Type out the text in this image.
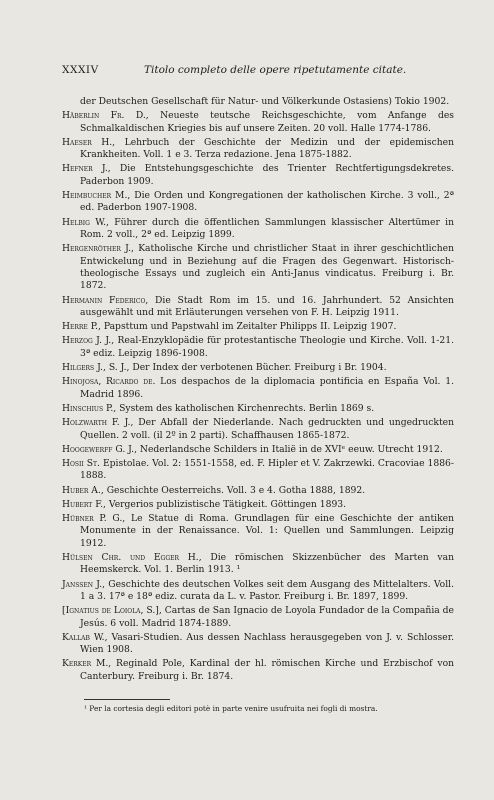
XXXIV	Titolo completo delle opere ripetutamente citate.

der Deutschen Gesellschaft für Natur- und Völkerkunde Ostasiens) Tokio 1902.

Häberlin Fr. D., Neueste teutsche Reichsgeschichte, vom Anfange des Schmalkaldischen Kriegies bis auf unsere Zeiten. 20 voll. Halle 1774-1786.

Haeser H., Lehrbuch der Geschichte der Medizin und der epidemischen Krankheiten. Voll. 1 e 3. Terza redazione. Jena 1875-1882.

Hefner J., Die Entstehungsgeschichte des Trienter Rechtfertigungsdekretes. Paderbon 1909.

Heimbucher M., Die Orden und Kongregationen der katholischen Kirche. 3 voll., 2ª ed. Paderbon 1907-1908.

Helbig W., Führer durch die öffentlichen Sammlungen klassischer Altertümer in Rom. 2 voll., 2ª ed. Leipzig 1899.

Hergenröther J., Katholische Kirche und christlicher Staat in ihrer geschichtlichen Entwickelung und in Beziehung auf die Fragen des Gegenwart. Historisch-theologische Essays und zugleich ein Anti-Janus vindicatus. Freiburg i. Br. 1872.

Hermanin Federico, Die Stadt Rom im 15. und 16. Jahrhundert. 52 Ansichten ausgewählt und mit Erläuterungen versehen von F. H. Leipzig 1911.

Herre P., Papsttum und Papstwahl im Zeitalter Philipps II. Leipzig 1907.

Herzog J. J., Real-Enzyklopädie für protestantische Theologie und Kirche. Voll. 1-21. 3ª ediz. Leipzig 1896-1908.

Hilgers J., S. J., Der Index der verbotenen Bücher. Freiburg i Br. 1904.

Hinojosa, Ricardo de. Los despachos de la diplomacia pontificia en España Vol. 1. Madrid 1896.

Hinschius P., System des katholischen Kirchenrechts. Berlin 1869 s.

Holzwarth F. J., Der Abfall der Niederlande. Nach gedruckten und ungedruckten Quellen. 2 voll. (il 2º in 2 parti). Schaffhausen 1865-1872.

Hoogewerff G. J., Nederlandsche Schilders in Italië in de XVIᵉ eeuw. Utrecht 1912.

Hosii St. Epistolae. Vol. 2: 1551-1558, ed. F. Hipler et V. Zakrzewki. Cracoviae 1886-1888.

Huber A., Geschichte Oesterreichs. Voll. 3 e 4. Gotha 1888, 1892.

Hubert F., Vergerios publizistische Tätigkeit. Göttingen 1893.

Hübner P. G., Le Statue di Roma. Grundlagen für eine Geschichte der antiken Monumente in der Renaissance. Vol. 1: Quellen und Sammlungen. Leipzig 1912.

Hülsen Chr. und Egger H., Die römischen Skizzenbücher des Marten van Heemskerck. Vol. 1. Berlin 1913. ¹

Janssen J., Geschichte des deutschen Volkes seit dem Ausgang des Mittelalters. Voll. 1 a 3. 17ª e 18ª ediz. curata da L. v. Pastor. Freiburg i. Br. 1897, 1899.

[Ignatius de Loiola, S.], Cartas de San Ignacio de Loyola Fundador de la Compañia de Jesús. 6 voll. Madrid 1874-1889.

Kallab W., Vasari-Studien. Aus dessen Nachlass herausgegeben von J. v. Schlosser. Wien 1908.

Kerker M., Reginald Pole, Kardinal der hl. römischen Kirche und Erzbischof von Canterbury. Freiburg i. Br. 1874.

¹ Per la cortesia degli editori potè in parte venire usufruita nei fogli di mostra.
